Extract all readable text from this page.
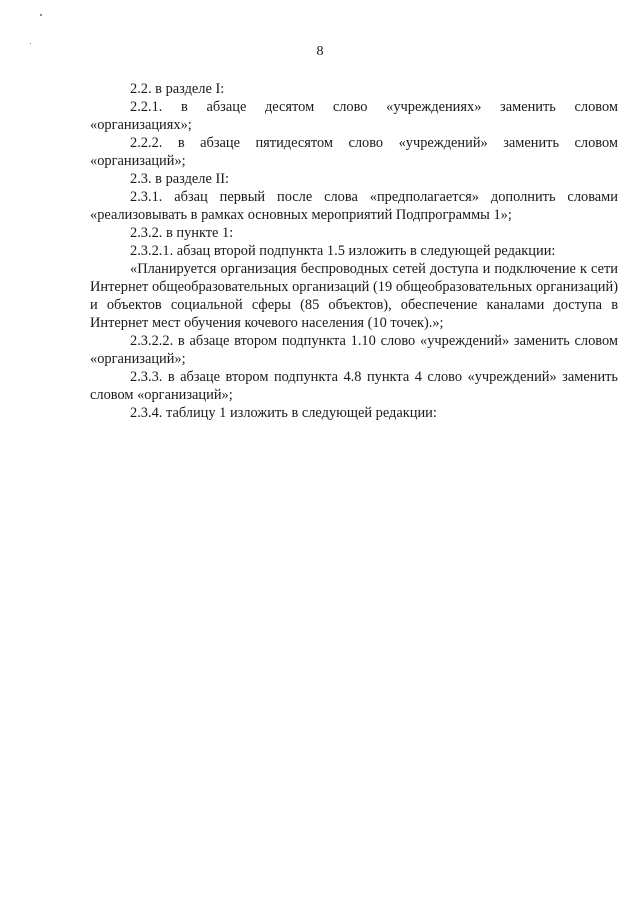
8

2.2. в разделе I:

2.2.1. в абзаце десятом слово «учреждениях» заменить словом «организациях»;

2.2.2. в абзаце пятидесятом слово «учреждений» заменить словом «организаций»;

2.3. в разделе II:

2.3.1. абзац первый после слова «предполагается» дополнить словами «реализовывать в рамках основных мероприятий Подпрограммы 1»;

2.3.2. в пункте 1:

2.3.2.1. абзац второй подпункта 1.5 изложить в следующей редакции:

«Планируется организация беспроводных сетей доступа и подключение к сети Интернет общеобразовательных организаций (19 общеобразовательных организаций) и объектов социальной сферы (85 объектов), обеспечение каналами доступа в Интернет мест обучения кочевого населения (10 точек).»;

2.3.2.2. в абзаце втором подпункта 1.10 слово «учреждений» заменить словом «организаций»;

2.3.3. в абзаце втором подпункта 4.8 пункта 4 слово «учреждений» заменить словом «организаций»;

2.3.4. таблицу 1 изложить в следующей редакции:
